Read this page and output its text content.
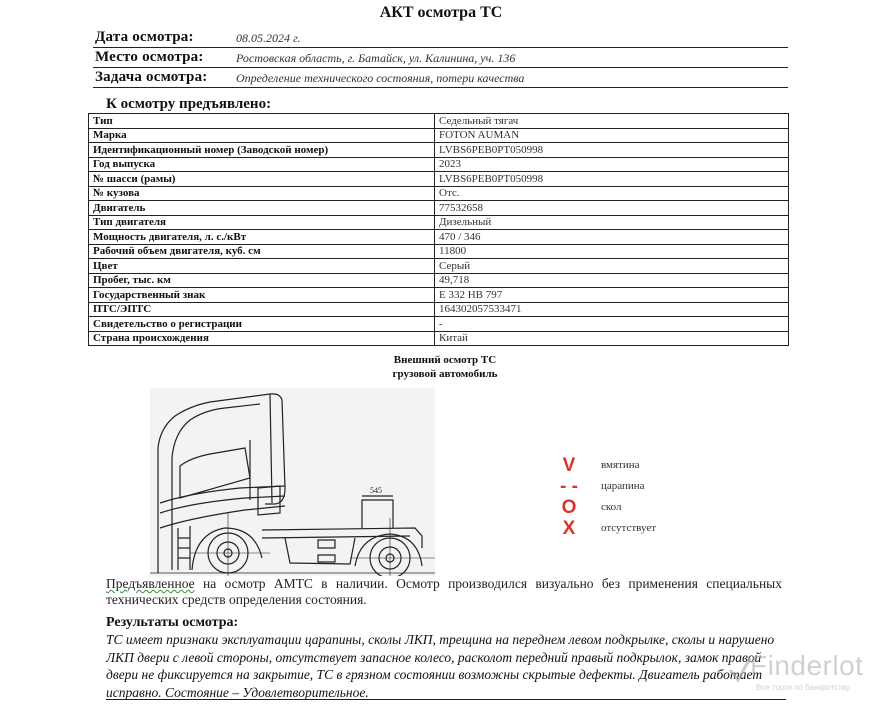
АКТ осмотра ТС
Дата осмотра:	08.05.2024 г.
Место осмотра:	Ростовская область, г. Батайск, ул. Калинина, уч. 136
Задача осмотра: Определение технического состояния, потери качества
К осмотру предъявлено:
Тип	Седельный тягач
Марка	FOTON AUMAN
Идентификационный номер (Заводской номер)	LVBS6PEB0PT050998
Год выпуска	2023
№ шасси (рамы)	LVBS6PEB0PT050998
№ кузова	Отс.
Двигатель	77532658
Тип двигателя	Дизельный
Мощность двигателя, л. с./кВт	470 / 346
Рабочий объем двигателя, куб. см	11800
Цвет	Серый
Пробег, тыс. км	49,718
Государственный знак	Е 332 НВ 797
ПТС/ЭПТС	164302057533471
Свидетельство о регистрации	-
Страна происхождения	Китай
Внешний осмотр ТС
грузовой автомобиль
545
V вмятина
- - царапина
O скол
X отсутствует
Предъявленное на осмотр АМТС в наличии. Осмотр производился визуально без применения специальных технических средств определения состояния.
Результаты осмотра:
ТС имеет признаки эксплуатации царапины, сколы ЛКП, трещина на переднем левом подкрылке, сколы и нарушено ЛКП двери с левой стороны, отсутствует запасное колесо, расколот передний правый подкрылок, замок правой двери не фиксируется на закрытие, ТС в грязном состоянии возможны скрытые дефекты. Двигатель работает исправно. Состояние – Удовлетворительное.
Finderlot
Все торги по банкротству
